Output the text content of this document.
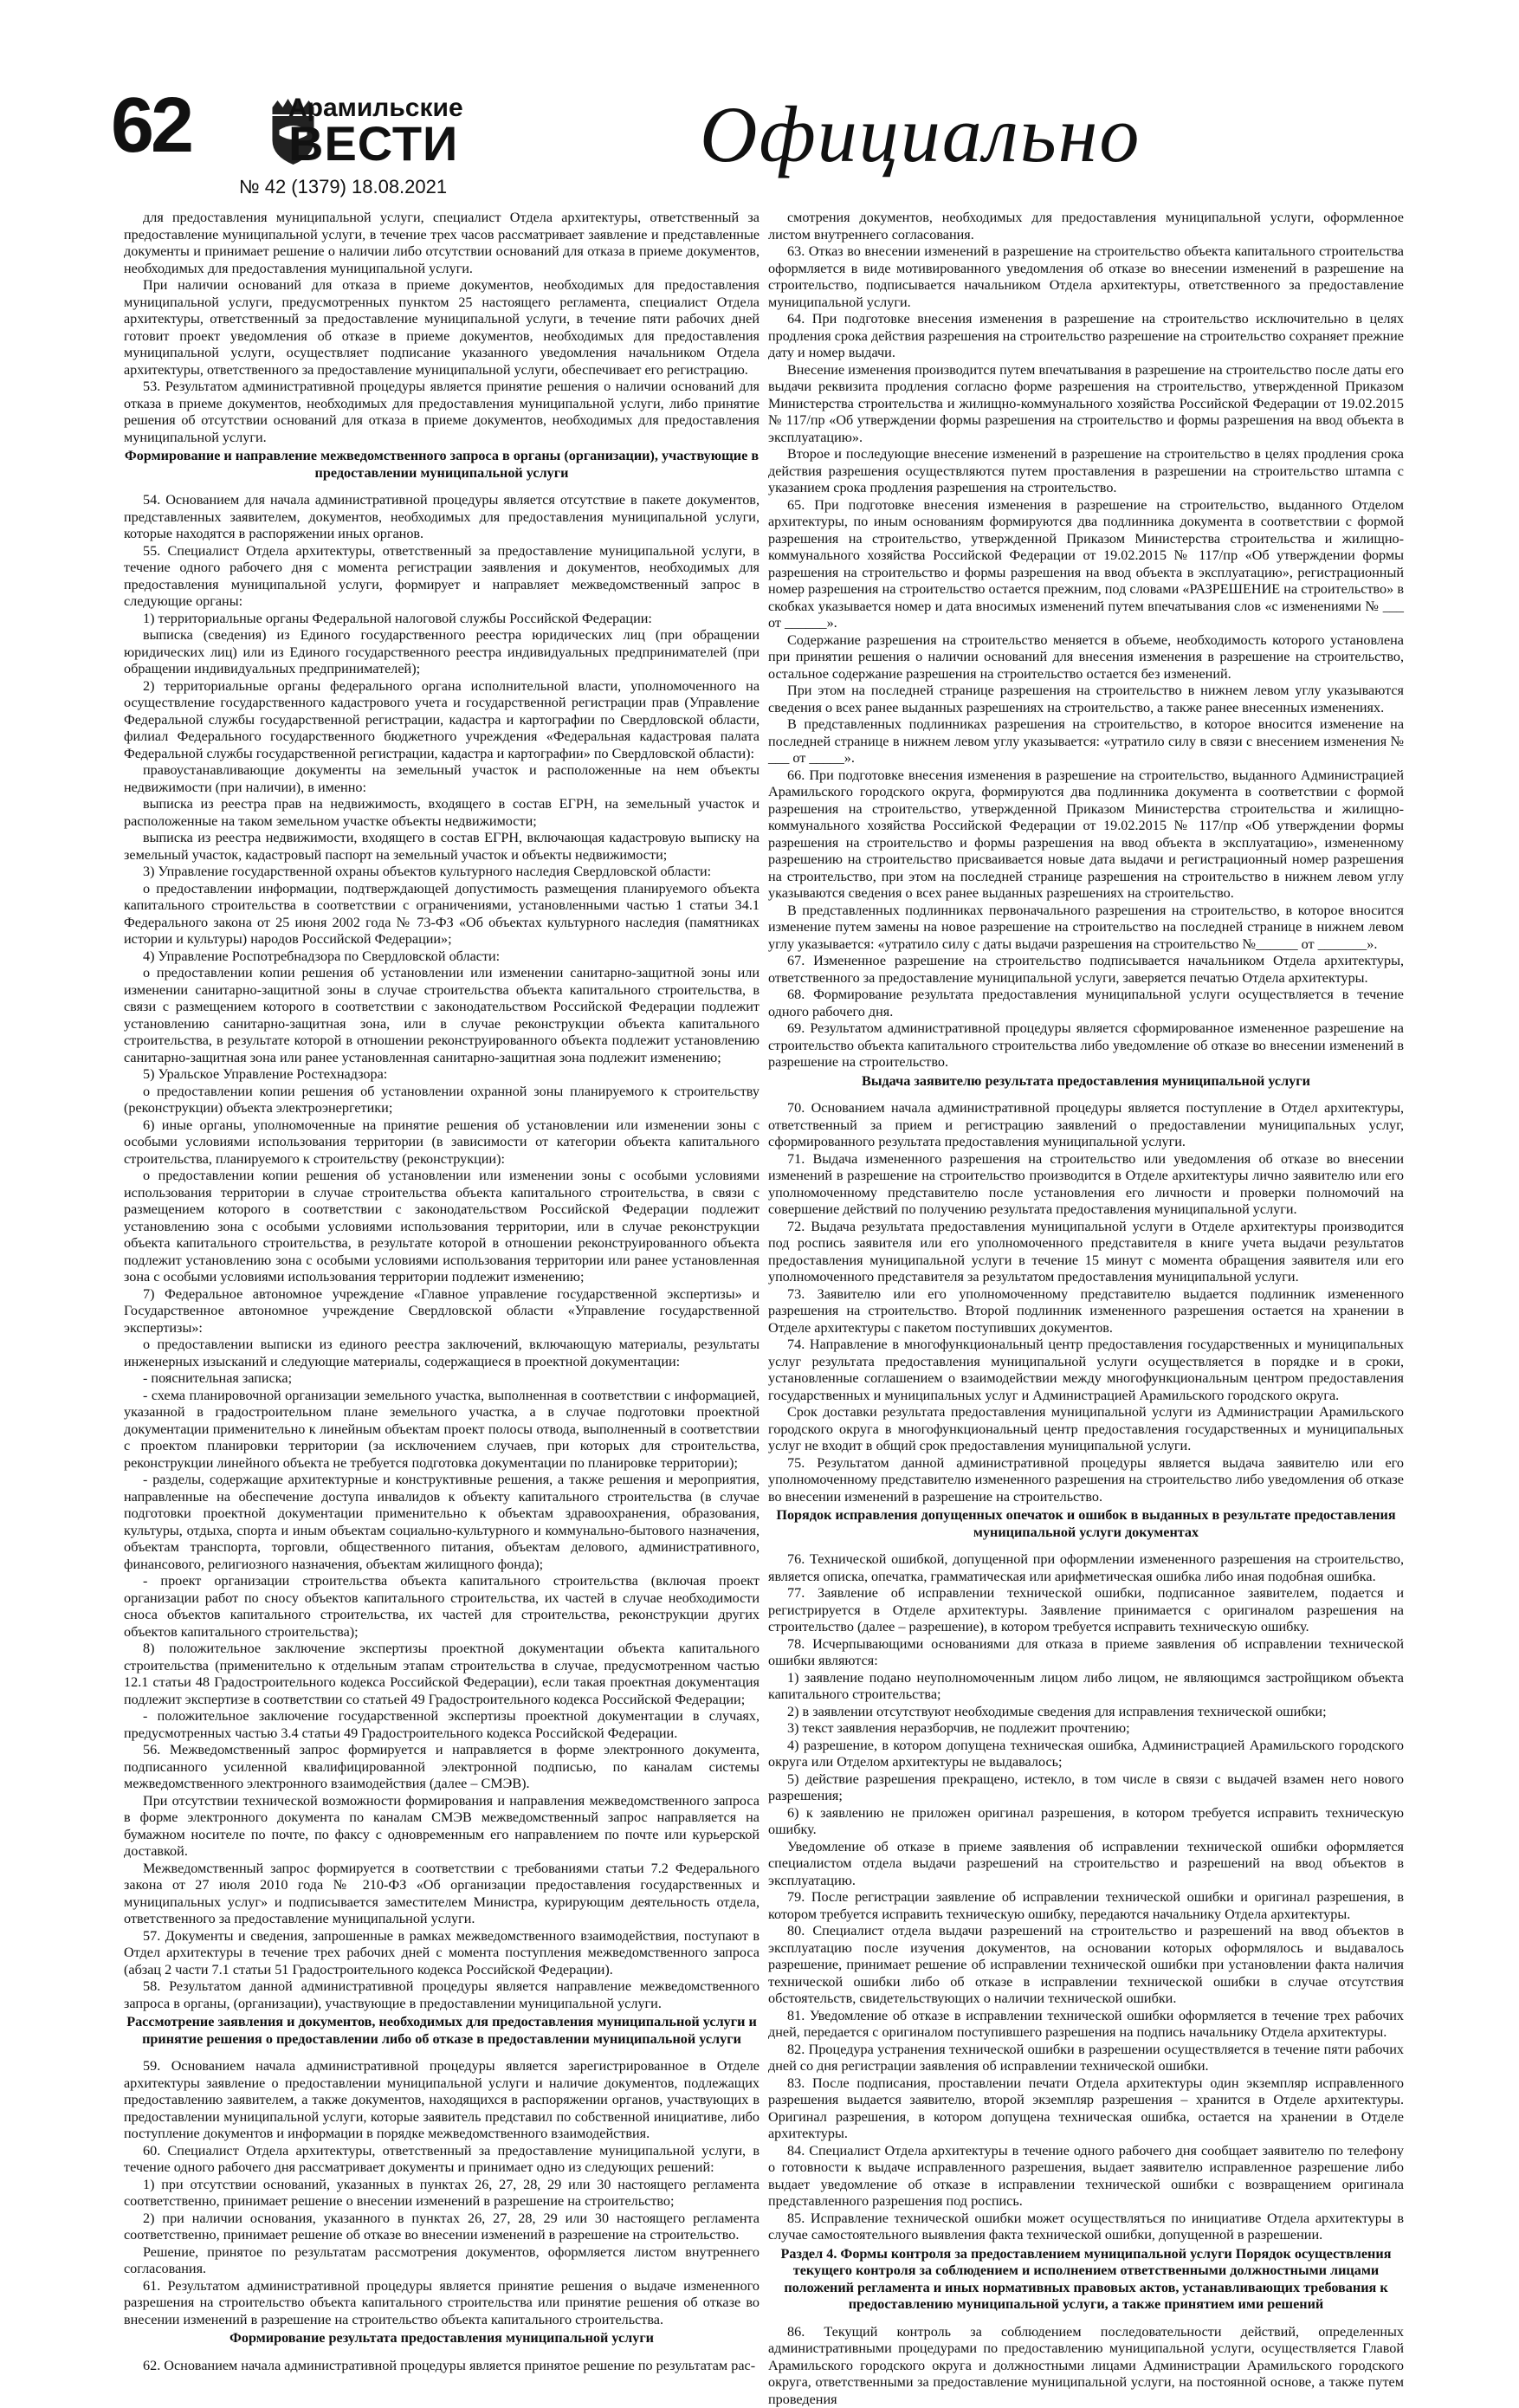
62	Арамильские
ВЕСТИ
№ 42 (1379) 18.08.2021
Официально

для предоставления муниципальной услуги, специалист Отдела архитектуры, ответственный за предоставление муниципальной услуги, в течение трех часов рассматривает заявление и представленные документы и принимает решение о наличии либо отсутствии оснований для отказа в приеме документов, необходимых для предоставления муниципальной услуги.

При наличии оснований для отказа в приеме документов, необходимых для предоставления муниципальной услуги, предусмотренных пунктом 25 настоящего регламента, специалист Отдела архитектуры, ответственный за предоставление муниципальной услуги, в течение пяти рабочих дней готовит проект уведомления об отказе в приеме документов, необходимых для предоставления муниципальной услуги, осуществляет подписание указанного уведомления начальником Отдела архитектуры, ответственного за предоставление муниципальной услуги, обеспечивает его регистрацию.

53. Результатом административной процедуры является принятие решения о наличии оснований для отказа в приеме документов, необходимых для предоставления муниципальной услуги, либо принятие решения об отсутствии оснований для отказа в приеме документов, необходимых для предоставления муниципальной услуги.

Формирование и направление межведомственного запроса в органы (организации), участвующие в предоставлении муниципальной услуги

54. Основанием для начала административной процедуры является отсутствие в пакете документов, представленных заявителем, документов, необходимых для предоставления муниципальной услуги, которые находятся в распоряжении иных органов.

55. Специалист Отдела архитектуры, ответственный за предоставление муниципальной услуги, в течение одного рабочего дня с момента регистрации заявления и документов, необходимых для предоставления муниципальной услуги, формирует и направляет межведомственный запрос в следующие органы:

1) территориальные органы Федеральной налоговой службы Российской Федерации:

выписка (сведения) из Единого государственного реестра юридических лиц (при обращении юридических лиц) или из Единого государственного реестра индивидуальных предпринимателей (при обращении индивидуальных предпринимателей);

2) территориальные органы федерального органа исполнительной власти, уполномоченного на осуществление государственного кадастрового учета и государственной регистрации прав (Управление Федеральной службы государственной регистрации, кадастра и картографии по Свердловской области, филиал Федерального государственного бюджетного учреждения «Федеральная кадастровая палата Федеральной службы государственной регистрации, кадастра и картографии» по Свердловской области):

правоустанавливающие документы на земельный участок и расположенные на нем объекты недвижимости (при наличии), в именно:

выписка из реестра прав на недвижимость, входящего в состав ЕГРН, на земельный участок и расположенные на таком земельном участке объекты недвижимости;

выписка из реестра недвижимости, входящего в состав ЕГРН, включающая кадастровую выписку на земельный участок, кадастровый паспорт на земельный участок и объекты недвижимости;

3) Управление государственной охраны объектов культурного наследия Свердловской области:

о предоставлении информации, подтверждающей допустимость размещения планируемого объекта капитального строительства в соответствии с ограничениями, установленными частью 1 статьи 34.1 Федерального закона от 25 июня 2002 года № 73-ФЗ «Об объектах культурного наследия (памятниках истории и культуры) народов Российской Федерации»;

4) Управление Роспотребнадзора по Свердловской области:

о предоставлении копии решения об установлении или изменении санитарно-защитной зоны или изменении санитарно-защитной зоны в случае строительства объекта капитального строительства, в связи с размещением которого в соответствии с законодательством Российской Федерации подлежит установлению санитарно-защитная зона, или в случае реконструкции объекта капитального строительства, в результате которой в отношении реконструированного объекта подлежит установлению санитарно-защитная зона или ранее установленная санитарно-защитная зона подлежит изменению;

5) Уральское Управление Ростехнадзора:

о предоставлении копии решения об установлении охранной зоны планируемого к строительству (реконструкции) объекта электроэнергетики;

6) иные органы, уполномоченные на принятие решения об установлении или изменении зоны с особыми условиями использования территории (в зависимости от категории объекта капитального строительства, планируемого к строительству (реконструкции):

о предоставлении копии решения об установлении или изменении зоны с особыми условиями использования территории в случае строительства объекта капитального строительства, в связи с размещением которого в соответствии с законодательством Российской Федерации подлежит установлению зона с особыми условиями использования территории, или в случае реконструкции объекта капитального строительства, в результате которой в отношении реконструированного объекта подлежит установлению зона с особыми условиями использования территории или ранее установленная зона с особыми условиями использования территории подлежит изменению;

7) Федеральное автономное учреждение «Главное управление государственной экспертизы» и Государственное автономное учреждение Свердловской области «Управление государственной экспертизы»:

о предоставлении выписки из единого реестра заключений, включающую материалы, результаты инженерных изысканий и следующие материалы, содержащиеся в проектной документации:

- пояснительная записка;

- схема планировочной организации земельного участка, выполненная в соответствии с информацией, указанной в градостроительном плане земельного участка, а в случае подготовки проектной документации применительно к линейным объектам проект полосы отвода, выполненный в соответствии с проектом планировки территории (за исключением случаев, при которых для строительства, реконструкции линейного объекта не требуется подготовка документации по планировке территории);

- разделы, содержащие архитектурные и конструктивные решения, а также решения и мероприятия, направленные на обеспечение доступа инвалидов к объекту капитального строительства (в случае подготовки проектной документации применительно к объектам здравоохранения, образования, культуры, отдыха, спорта и иным объектам социально-культурного и коммунально-бытового назначения, объектам транспорта, торговли, общественного питания, объектам делового, административного, финансового, религиозного назначения, объектам жилищного фонда);

- проект организации строительства объекта капитального строительства (включая проект организации работ по сносу объектов капитального строительства, их частей в случае необходимости сноса объектов капитального строительства, их частей для строительства, реконструкции других объектов капитального строительства);

8) положительное заключение экспертизы проектной документации объекта капитального строительства (применительно к отдельным этапам строительства в случае, предусмотренном частью 12.1 статьи 48 Градостроительного кодекса Российской Федерации), если такая проектная документация подлежит экспертизе в соответствии со статьей 49 Градостроительного кодекса Российской Федерации;

- положительное заключение государственной экспертизы проектной документации в случаях, предусмотренных частью 3.4 статьи 49 Градостроительного кодекса Российской Федерации.

56. Межведомственный запрос формируется и направляется в форме электронного документа, подписанного усиленной квалифицированной электронной подписью, по каналам системы межведомственного электронного взаимодействия (далее – СМЭВ).

При отсутствии технической возможности формирования и направления межведомственного запроса в форме электронного документа по каналам СМЭВ межведомственный запрос направляется на бумажном носителе по почте, по факсу с одновременным его направлением по почте или курьерской доставкой.

Межведомственный запрос формируется в соответствии с требованиями статьи 7.2 Федерального закона от 27 июля 2010 года № 210-ФЗ «Об организации предоставления государственных и муниципальных услуг» и подписывается заместителем Министра, курирующим деятельность отдела, ответственного за предоставление муниципальной услуги.

57. Документы и сведения, запрошенные в рамках межведомственного взаимодействия, поступают в Отдел архитектуры в течение трех рабочих дней с момента поступления межведомственного запроса (абзац 2 части 7.1 статьи 51 Градостроительного кодекса Российской Федерации).

58. Результатом данной административной процедуры является направление межведомственного запроса в органы, (организации), участвующие в предоставлении муниципальной услуги.

Рассмотрение заявления и документов, необходимых для предоставления муниципальной услуги и принятие решения о предоставлении либо об отказе в предоставлении муниципальной услуги

59. Основанием начала административной процедуры является зарегистрированное в Отделе архитектуры заявление о предоставлении муниципальной услуги и наличие документов, подлежащих предоставлению заявителем, а также документов, находящихся в распоряжении органов, участвующих в предоставлении муниципальной услуги, которые заявитель представил по собственной инициативе, либо поступление документов и информации в порядке межведомственного взаимодействия.

60. Специалист Отдела архитектуры, ответственный за предоставление муниципальной услуги, в течение одного рабочего дня рассматривает документы и принимает одно из следующих решений:

1) при отсутствии оснований, указанных в пунктах 26, 27, 28, 29 или 30 настоящего регламента соответственно, принимает решение о внесении изменений в разрешение на строительство;

2) при наличии основания, указанного в пунктах 26, 27, 28, 29 или 30 настоящего регламента соответственно, принимает решение об отказе во внесении изменений в разрешение на строительство.

Решение, принятое по результатам рассмотрения документов, оформляется листом внутреннего согласования.

61. Результатом административной процедуры является принятие решения о выдаче измененного разрешения на строительство объекта капитального строительства или принятие решения об отказе во внесении изменений в разрешение на строительство объекта капитального строительства.

Формирование результата предоставления муниципальной услуги

62. Основанием начала административной процедуры является принятое решение по результатам рас-

смотрения документов, необходимых для предоставления муниципальной услуги, оформленное листом внутреннего согласования.

63. Отказ во внесении изменений в разрешение на строительство объекта капитального строительства оформляется в виде мотивированного уведомления об отказе во внесении изменений в разрешение на строительство, подписывается начальником Отдела архитектуры, ответственного за предоставление муниципальной услуги.

64. При подготовке внесения изменения в разрешение на строительство исключительно в целях продления срока действия разрешения на строительство разрешение на строительство сохраняет прежние дату и номер выдачи.

Внесение изменения производится путем впечатывания в разрешение на строительство после даты его выдачи реквизита продления согласно форме разрешения на строительство, утвержденной Приказом Министерства строительства и жилищно-коммунального хозяйства Российской Федерации от 19.02.2015 № 117/пр «Об утверждении формы разрешения на строительство и формы разрешения на ввод объекта в эксплуатацию».

Второе и последующие внесение изменений в разрешение на строительство в целях продления срока действия разрешения осуществляются путем проставления в разрешении на строительство штампа с указанием срока продления разрешения на строительство.

65. При подготовке внесения изменения в разрешение на строительство, выданного Отделом архитектуры, по иным основаниям формируются два подлинника документа в соответствии с формой разрешения на строительство, утвержденной Приказом Министерства строительства и жилищно-коммунального хозяйства Российской Федерации от 19.02.2015 № 117/пр «Об утверждении формы разрешения на строительство и формы разрешения на ввод объекта в эксплуатацию», регистрационный номер разрешения на строительство остается прежним, под словами «РАЗРЕШЕНИЕ на строительство» в скобках указывается номер и дата вносимых изменений путем впечатывания слов «с изменениями № ___ от ______».

Содержание разрешения на строительство меняется в объеме, необходимость которого установлена при принятии решения о наличии оснований для внесения изменения в разрешение на строительство, остальное содержание разрешения на строительство остается без изменений.

При этом на последней странице разрешения на строительство в нижнем левом углу указываются сведения о всех ранее выданных разрешениях на строительство, а также ранее внесенных изменениях.

В представленных подлинниках разрешения на строительство, в которое вносится изменение на последней странице в нижнем левом углу указывается: «утратило силу в связи с внесением изменения № ___ от _____».

66. При подготовке внесения изменения в разрешение на строительство, выданного Администрацией Арамильского городского округа, формируются два подлинника документа в соответствии с формой разрешения на строительство, утвержденной Приказом Министерства строительства и жилищно-коммунального хозяйства Российской Федерации от 19.02.2015 № 117/пр «Об утверждении формы разрешения на строительство и формы разрешения на ввод объекта в эксплуатацию», измененному разрешению на строительство присваивается новые дата выдачи и регистрационный номер разрешения на строительство, при этом на последней странице разрешения на строительство в нижнем левом углу указываются сведения о всех ранее выданных разрешениях на строительство.

В представленных подлинниках первоначального разрешения на строительство, в которое вносится изменение путем замены на новое разрешение на строительство на последней странице в нижнем левом углу указывается: «утратило силу с даты выдачи разрешения на строительство №______ от _______».

67. Измененное разрешение на строительство подписывается начальником Отдела архитектуры, ответственного за предоставление муниципальной услуги, заверяется печатью Отдела архитектуры.

68. Формирование результата предоставления муниципальной услуги осуществляется в течение одного рабочего дня.

69. Результатом административной процедуры является сформированное измененное разрешение на строительство объекта капитального строительства либо уведомление об отказе во внесении изменений в разрешение на строительство.

Выдача заявителю результата предоставления муниципальной услуги

70. Основанием начала административной процедуры является поступление в Отдел архитектуры, ответственный за прием и регистрацию заявлений о предоставлении муниципальных услуг, сформированного результата предоставления муниципальной услуги.

71. Выдача измененного разрешения на строительство или уведомления об отказе во внесении изменений в разрешение на строительство производится в Отделе архитектуры лично заявителю или его уполномоченному представителю после установления его личности и проверки полномочий на совершение действий по получению результата предоставления муниципальной услуги.

72. Выдача результата предоставления муниципальной услуги в Отделе архитектуры производится под роспись заявителя или его уполномоченного представителя в книге учета выдачи результатов предоставления муниципальной услуги в течение 15 минут с момента обращения заявителя или его уполномоченного представителя за результатом предоставления муниципальной услуги.

73. Заявителю или его уполномоченному представителю выдается подлинник измененного разрешения на строительство. Второй подлинник измененного разрешения остается на хранении в Отделе архитектуры с пакетом поступивших документов.

74. Направление в многофункциональный центр предоставления государственных и муниципальных услуг результата предоставления муниципальной услуги осуществляется в порядке и в сроки, установленные соглашением о взаимодействии между многофункциональным центром предоставления государственных и муниципальных услуг и Администрацией Арамильского городского округа.

Срок доставки результата предоставления муниципальной услуги из Администрации Арамильского городского округа в многофункциональный центр предоставления государственных и муниципальных услуг не входит в общий срок предоставления муниципальной услуги.

75. Результатом данной административной процедуры является выдача заявителю или его уполномоченному представителю измененного разрешения на строительство либо уведомления об отказе во внесении изменений в разрешение на строительство.

Порядок исправления допущенных опечаток и ошибок в выданных в результате предоставления муниципальной услуги документах

76. Технической ошибкой, допущенной при оформлении измененного разрешения на строительство, является описка, опечатка, грамматическая или арифметическая ошибка либо иная подобная ошибка.

77. Заявление об исправлении технической ошибки, подписанное заявителем, подается и регистрируется в Отделе архитектуры. Заявление принимается с оригиналом разрешения на строительство (далее – разрешение), в котором требуется исправить техническую ошибку.

78. Исчерпывающими основаниями для отказа в приеме заявления об исправлении технической ошибки являются:

1) заявление подано неуполномоченным лицом либо лицом, не являющимся застройщиком объекта капитального строительства;

2) в заявлении отсутствуют необходимые сведения для исправления технической ошибки;

3) текст заявления неразборчив, не подлежит прочтению;

4) разрешение, в котором допущена техническая ошибка, Администрацией Арамильского городского округа или Отделом архитектуры не выдавалось;

5) действие разрешения прекращено, истекло, в том числе в связи с выдачей взамен него нового разрешения;

6) к заявлению не приложен оригинал разрешения, в котором требуется исправить техническую ошибку.

Уведомление об отказе в приеме заявления об исправлении технической ошибки оформляется специалистом отдела выдачи разрешений на строительство и разрешений на ввод объектов в эксплуатацию.

79. После регистрации заявление об исправлении технической ошибки и оригинал разрешения, в котором требуется исправить техническую ошибку, передаются начальнику Отдела архитектуры.

80. Специалист отдела выдачи разрешений на строительство и разрешений на ввод объектов в эксплуатацию после изучения документов, на основании которых оформлялось и выдавалось разрешение, принимает решение об исправлении технической ошибки при установлении факта наличия технической ошибки либо об отказе в исправлении технической ошибки в случае отсутствия обстоятельств, свидетельствующих о наличии технической ошибки.

81. Уведомление об отказе в исправлении технической ошибки оформляется в течение трех рабочих дней, передается с оригиналом поступившего разрешения на подпись начальнику Отдела архитектуры.

82. Процедура устранения технической ошибки в разрешении осуществляется в течение пяти рабочих дней со дня регистрации заявления об исправлении технической ошибки.

83. После подписания, проставлении печати Отдела архитектуры один экземпляр исправленного разрешения выдается заявителю, второй экземпляр разрешения – хранится в Отделе архитектуры. Оригинал разрешения, в котором допущена техническая ошибка, остается на хранении в Отделе архитектуры.

84. Специалист Отдела архитектуры в течение одного рабочего дня сообщает заявителю по телефону о готовности к выдаче исправленного разрешения, выдает заявителю исправленное разрешение либо выдает уведомление об отказе в исправлении технической ошибки с возвращением оригинала представленного разрешения под роспись.

85. Исправление технической ошибки может осуществляться по инициативе Отдела архитектуры в случае самостоятельного выявления факта технической ошибки, допущенной в разрешении.

Раздел 4. Формы контроля за предоставлением муниципальной услуги Порядок осуществления текущего контроля за соблюдением и исполнением ответственными должностными лицами положений регламента и иных нормативных правовых актов, устанавливающих требования к предоставлению муниципальной услуги, а также принятием ими решений

86. Текущий контроль за соблюдением последовательности действий, определенных административными процедурами по предоставлению муниципальной услуги, осуществляется Главой Арамильского городского округа и должностными лицами Администрации Арамильского городского округа, ответственными за предоставление муниципальной услуги, на постоянной основе, а также путем проведения
